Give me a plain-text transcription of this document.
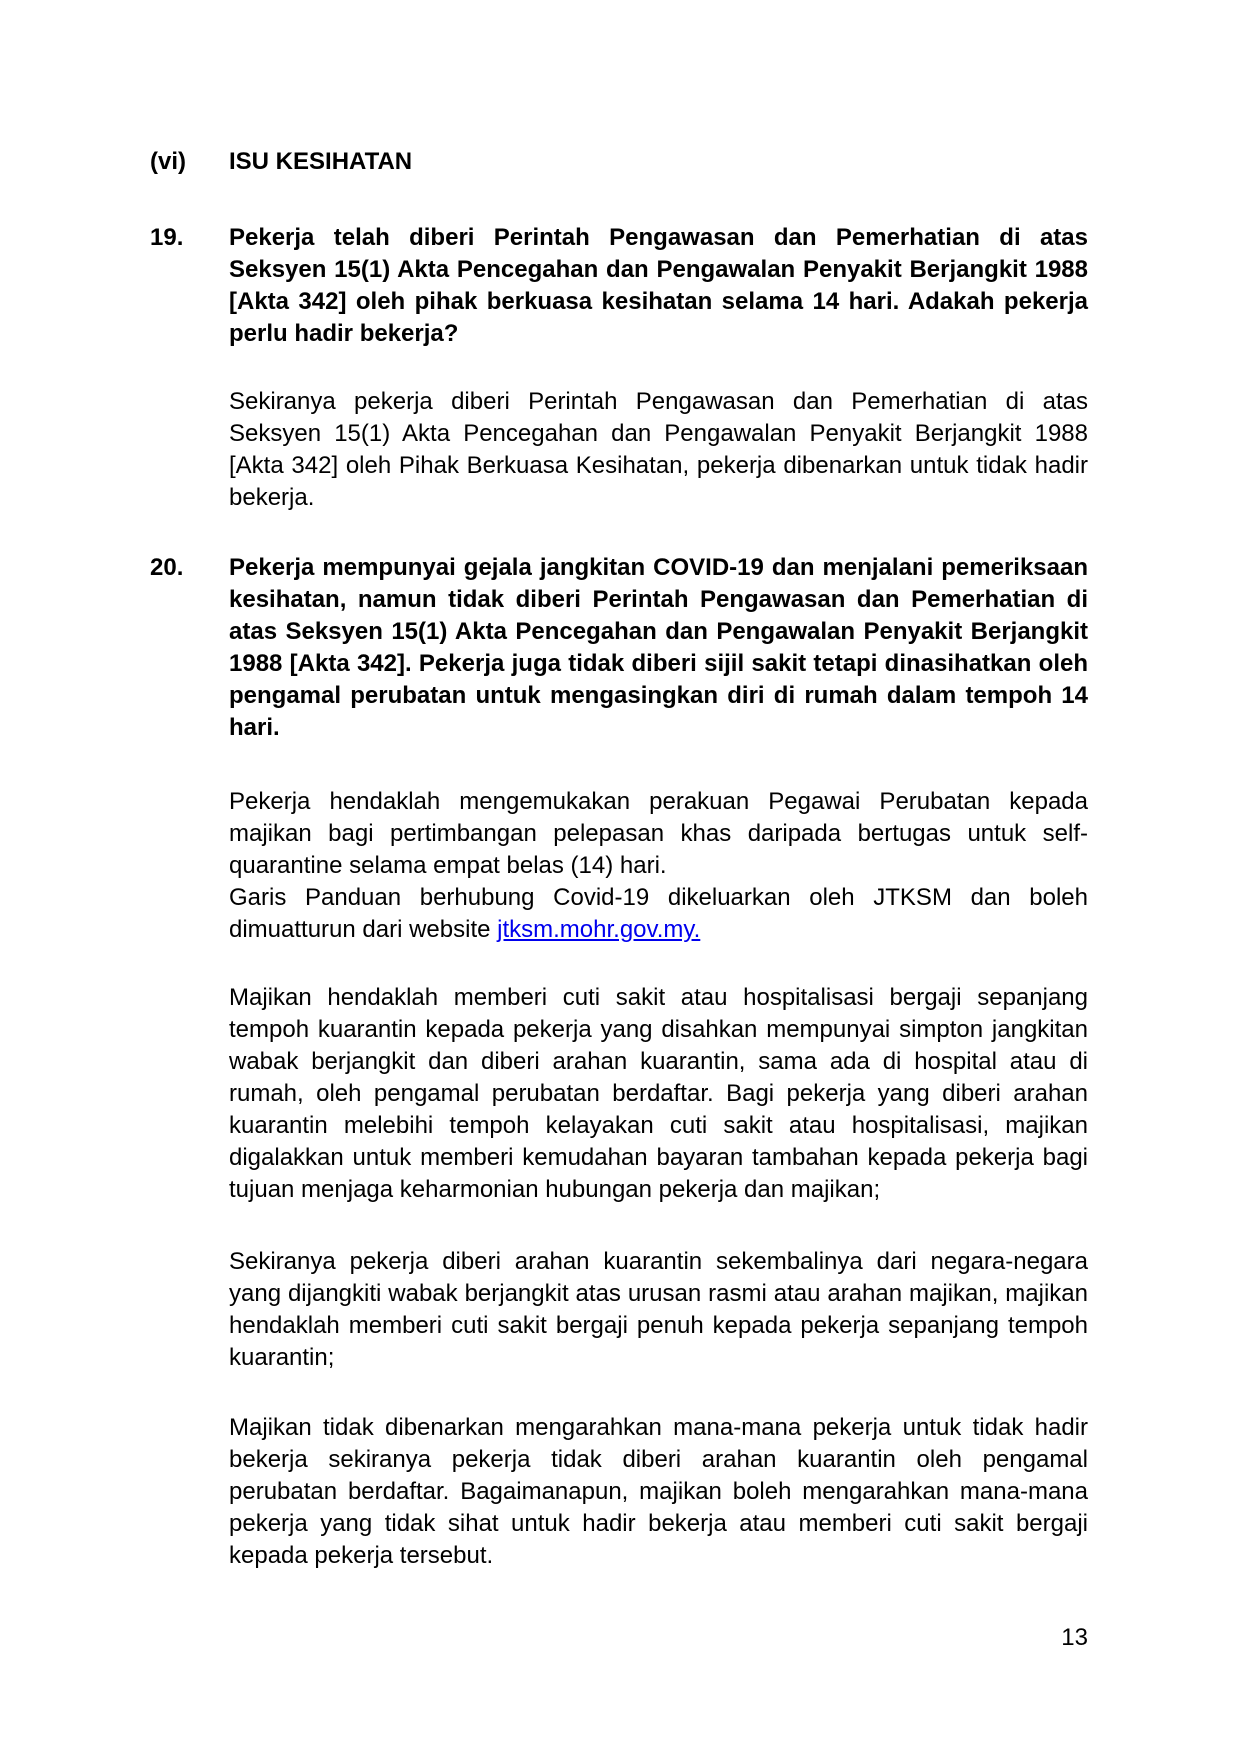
(vi)	ISU KESIHATAN
19.	Pekerja telah diberi Perintah Pengawasan dan Pemerhatian di atas Seksyen 15(1) Akta Pencegahan dan Pengawalan Penyakit Berjangkit 1988 [Akta 342] oleh pihak berkuasa kesihatan selama 14 hari. Adakah pekerja perlu hadir bekerja?
Sekiranya pekerja diberi Perintah Pengawasan dan Pemerhatian di atas Seksyen 15(1) Akta Pencegahan dan Pengawalan Penyakit Berjangkit 1988 [Akta 342] oleh Pihak Berkuasa Kesihatan, pekerja dibenarkan untuk tidak hadir bekerja.
20.	Pekerja mempunyai gejala jangkitan COVID-19 dan menjalani pemeriksaan kesihatan, namun tidak diberi Perintah Pengawasan dan Pemerhatian di atas Seksyen 15(1) Akta Pencegahan dan Pengawalan Penyakit Berjangkit 1988 [Akta 342]. Pekerja juga tidak diberi sijil sakit tetapi dinasihatkan oleh pengamal perubatan untuk mengasingkan diri di rumah dalam tempoh 14 hari.
Pekerja hendaklah mengemukakan perakuan Pegawai Perubatan kepada majikan bagi pertimbangan pelepasan khas daripada bertugas untuk self-quarantine selama empat belas (14) hari.
Garis Panduan berhubung Covid-19 dikeluarkan oleh JTKSM dan boleh dimuatturun dari website jtksm.mohr.gov.my.
Majikan hendaklah memberi cuti sakit atau hospitalisasi bergaji sepanjang tempoh kuarantin kepada pekerja yang disahkan mempunyai simpton jangkitan wabak berjangkit dan diberi arahan kuarantin, sama ada di hospital atau di rumah, oleh pengamal perubatan berdaftar. Bagi pekerja yang diberi arahan kuarantin melebihi tempoh kelayakan cuti sakit atau hospitalisasi, majikan digalakkan untuk memberi kemudahan bayaran tambahan kepada pekerja bagi tujuan menjaga keharmonian hubungan pekerja dan majikan;
Sekiranya pekerja diberi arahan kuarantin sekembalinya dari negara-negara yang dijangkiti wabak berjangkit atas urusan rasmi atau arahan majikan, majikan hendaklah memberi cuti sakit bergaji penuh kepada pekerja sepanjang tempoh kuarantin;
Majikan tidak dibenarkan mengarahkan mana-mana pekerja untuk tidak hadir bekerja sekiranya pekerja tidak diberi arahan kuarantin oleh pengamal perubatan berdaftar. Bagaimanapun, majikan boleh mengarahkan mana-mana pekerja yang tidak sihat untuk hadir bekerja atau memberi cuti sakit bergaji kepada pekerja tersebut.
13
